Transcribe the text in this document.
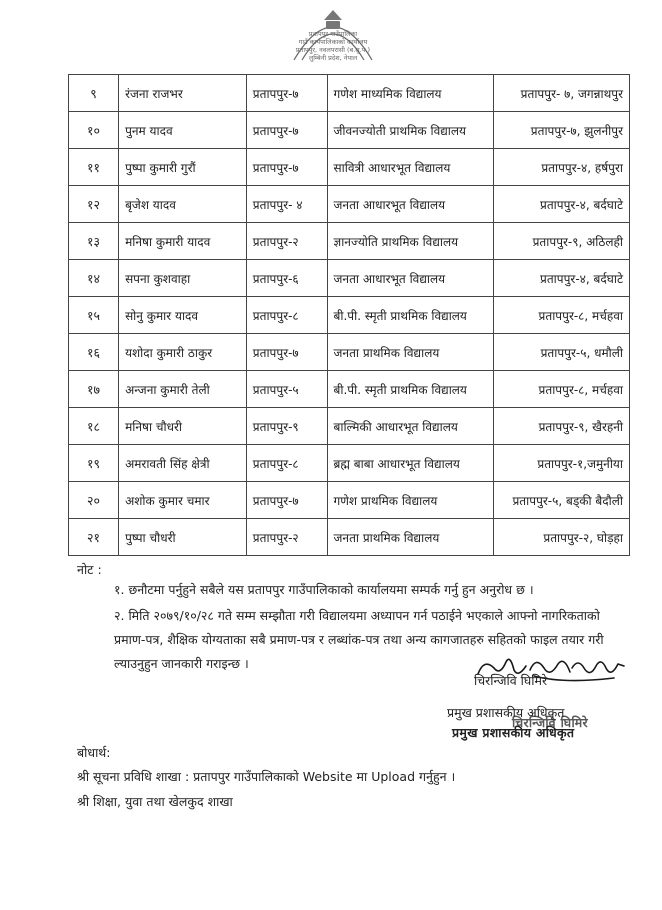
प्रतापपुर गाउँपालिका
गाउँ कार्यपालिकाको कार्यालय
प्रतापपुर, नवलपरासी (ब.सु.प.)
लुम्बिनी प्रदेश, नेपाल
९	रंजना राजभर	प्रतापपुर-७	गणेश माध्यमिक विद्यालय	प्रतापपुर- ७, जगन्नाथपुर
१०	पुनम यादव	प्रतापपुर-७	जीवनज्योती प्राथमिक विद्यालय	प्रतापपुर-७, झुलनीपुर
११	पुष्पा कुमारी गुरौं	प्रतापपुर-७	सावित्री आधारभूत विद्यालय	प्रतापपुर-४, हर्षपुरा
१२	बृजेश यादव	प्रतापपुर- ४	जनता आधारभूत विद्यालय	प्रतापपुर-४, बर्दघाटे
१३	मनिषा कुमारी यादव	प्रतापपुर-२	ज्ञानज्योति प्राथमिक विद्यालय	प्रतापपुर-९, अठिलही
१४	सपना कुशवाहा	प्रतापपुर-६	जनता आधारभूत विद्यालय	प्रतापपुर-४, बर्दघाटे
१५	सोनु कुमार यादव	प्रतापपुर-८	बी.पी. स्मृती प्राथमिक विद्यालय	प्रतापपुर-८, मर्चहवा
१६	यशोदा कुमारी ठाकुर	प्रतापपुर-७	जनता प्राथमिक विद्यालय	प्रतापपुर-५, धमौली
१७	अन्जना कुमारी तेली	प्रतापपुर-५	बी.पी. स्मृती प्राथमिक विद्यालय	प्रतापपुर-८, मर्चहवा
१८	मनिषा चौधरी	प्रतापपुर-९	बाल्मिकी आधारभूत विद्यालय	प्रतापपुर-९, खैरहनी
१९	अमरावती सिंह क्षेत्री	प्रतापपुर-८	ब्रह्म बाबा आधारभूत विद्यालय	प्रतापपुर-१,जमुनीया
२०	अशोक कुमार चमार	प्रतापपुर-७	गणेश प्राथमिक विद्यालय	प्रतापपुर-५, बड्की बैदौली
२१	पुष्पा चौधरी	प्रतापपुर-२	जनता प्राथमिक विद्यालय	प्रतापपुर-२, घोड़हा
नोट :
१. छनौटमा पर्नुहुने सबैले यस प्रतापपुर गाउँपालिकाको कार्यालयमा सम्पर्क गर्नु हुन अनुरोध छ ।
२. मिति २०७९/१०/२८ गते सम्म सम्झौता गरी विद्यालयमा अध्यापन गर्न पठाईने भएकाले आफ्नो नागरिकताको प्रमाण-पत्र, शैक्षिक योग्यताका सबै प्रमाण-पत्र र लब्धांक-पत्र तथा अन्य कागजातहरु सहितको फाइल तयार गरी ल्याउनुहुन जानकारी गराइन्छ ।
चिरन्जिवि घिमिरे
प्रमुख प्रशासकीय अधिकृत
चिरन्जिवि घिमिरे
प्रमुख प्रशासकीय अधिकृत
बोधार्थ:
श्री सूचना प्रविधि शाखा : प्रतापपुर गाउँपालिकाको Website मा Upload गर्नुहुन ।
श्री शिक्षा, युवा तथा खेलकुद शाखा
